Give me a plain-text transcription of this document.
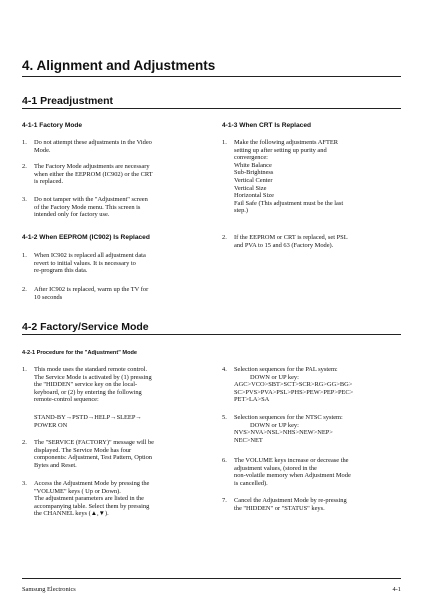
4. Alignment and Adjustments
4-1 Preadjustment
4-1-1 Factory Mode
1.	Do not attempt these adjustments in the Video
Mode.
2.	The Factory Mode adjustments are necessary
when either the EEPROM (IC902) or the CRT
is replaced.
3.	Do not tamper with the "Adjustment" screen
of the Factory Mode menu. This screen is
intended only for factory use.
4-1-2 When EEPROM (IC902) Is Replaced
1.	When IC902 is replaced all adjustment data
revert to initial values. It is necessary to
re-program this data.
2.	After IC902 is replaced, warm up the TV for
10 seconds
4-1-3 When CRT Is Replaced
1.	Make the following adjustments AFTER
setting up after setting up purity and
convergence:
White Balance
Sub-Brightness
Vertical Center
Vertical Size
Horizontal Size
Fail Safe (This adjustment must be the last
step.)
2.	If the EEPROM or CRT is replaced, set PSL
and PVA to 15 and 63 (Factory Mode).
4-2 Factory/Service Mode
4-2-1 Procedure for the "Adjustment" Mode
1.	This mode uses the standard remote control.
The Service Mode is activated by (1) pressing
the "HIDDEN" service key on the local-
keyboard, or (2) by entering the following
remote-control sequence:
STAND-BY→PSTD→HELP→SLEEP→
POWER ON
2.	The "SERVICE (FACTORY)" message will be
displayed. The Service Mode has four
components: Adjustment, Test Pattern, Option
Bytes and Reset.
3.	Access the Adjustment Mode by pressing the
"VOLUME" keys ( Up or Down).
The adjustment parameters are listed in the
accompanying table. Select them by pressing
the CHANNEL keys (▲,▼).
4.	Selection sequences for the PAL system:
DOWN or UP key:
AGC>VCO>SBT>SCT>SCR>RG>GG>BG>
SC>PVS>PVA>PSL>PHS>PEW>PEP>PEC>
PET>LA>SA
5.	Selection sequences for the NTSC system:
DOWN or UP key:
NVS>NVA>NSL>NHS>NEW>NEP>
NEC>NET
6.	The VOLUME keys increase or decrease the
adjustment values, (stored in the
non-volatile memory when Adjustment Mode
is cancelled).
7.	Cancel the Adjustment Mode by re-pressing
the "HIDDEN" or "STATUS" keys.
Samsung Electronics	4-1
